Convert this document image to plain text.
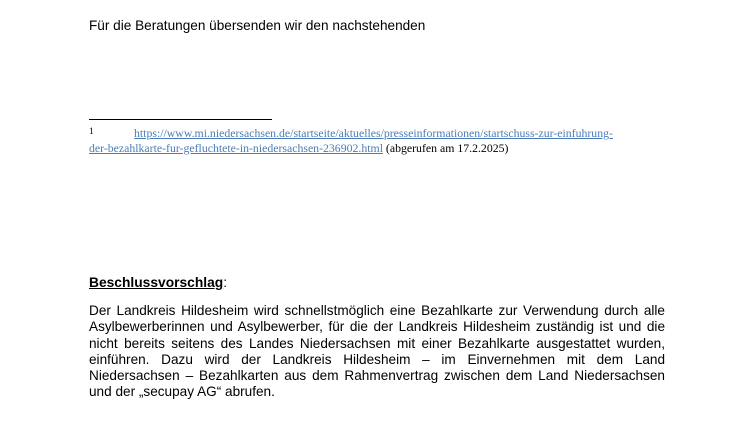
Für die Beratungen übersenden wir den nachstehenden
1	https://www.mi.niedersachsen.de/startseite/aktuelles/presseinformationen/startschuss-zur-einfuhrung-
der-bezahlkarte-fur-gefluchtete-in-niedersachsen-236902.html (abgerufen am 17.2.2025)
Beschlussvorschlag:
Der Landkreis Hildesheim wird schnellstmöglich eine Bezahlkarte zur Verwendung durch alle
Asylbewerberinnen und Asylbewerber, für die der Landkreis Hildesheim zuständig ist und die
nicht bereits seitens des Landes Niedersachsen mit einer Bezahlkarte ausgestattet wurden,
einführen. Dazu wird der Landkreis Hildesheim – im Einvernehmen mit dem Land
Niedersachsen – Bezahlkarten aus dem Rahmenvertrag zwischen dem Land Niedersachsen
und der „secupay AG“ abrufen.
